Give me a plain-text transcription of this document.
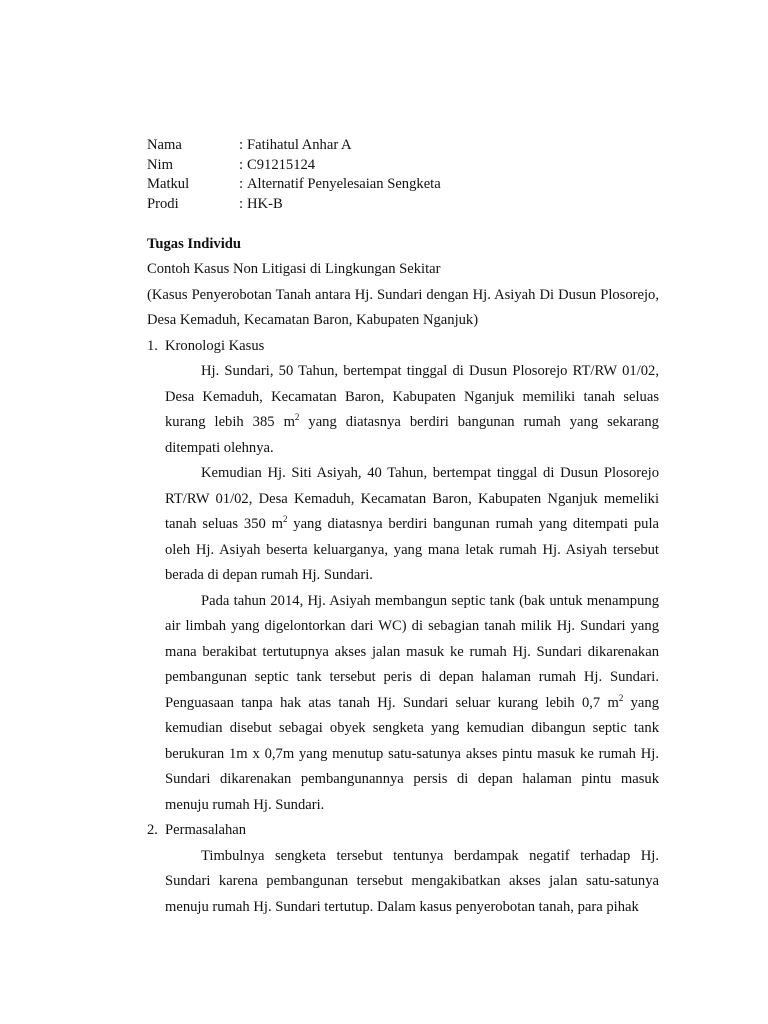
Nama	: Fatihatul Anhar A
Nim	: C91215124
Matkul	: Alternatif Penyelesaian Sengketa
Prodi	: HK-B
Tugas Individu
Contoh Kasus Non Litigasi di Lingkungan Sekitar
(Kasus Penyerobotan Tanah antara Hj. Sundari dengan Hj. Asiyah Di Dusun Plosorejo, Desa Kemaduh, Kecamatan Baron, Kabupaten Nganjuk)
1. Kronologi Kasus
Hj. Sundari, 50 Tahun, bertempat tinggal di Dusun Plosorejo RT/RW 01/02, Desa Kemaduh, Kecamatan Baron, Kabupaten Nganjuk memiliki tanah seluas kurang lebih 385 $m^2$ yang diatasnya berdiri bangunan rumah yang sekarang ditempati olehnya.
Kemudian Hj. Siti Asiyah, 40 Tahun, bertempat tinggal di Dusun Plosorejo RT/RW 01/02, Desa Kemaduh, Kecamatan Baron, Kabupaten Nganjuk memeliki tanah seluas 350 $m^2$ yang diatasnya berdiri bangunan rumah yang ditempati pula oleh Hj. Asiyah beserta keluarganya, yang mana letak rumah Hj. Asiyah tersebut berada di depan rumah Hj. Sundari.
Pada tahun 2014, Hj. Asiyah membangun septic tank (bak untuk menampung air limbah yang digelontorkan dari WC) di sebagian tanah milik Hj. Sundari yang mana berakibat tertutupnya akses jalan masuk ke rumah Hj. Sundari dikarenakan pembangunan septic tank tersebut peris di depan halaman rumah Hj. Sundari. Penguasaan tanpa hak atas tanah Hj. Sundari seluar kurang lebih 0,7 $m^2$ yang kemudian disebut sebagai obyek sengketa yang kemudian dibangun septic tank berukuran 1m x 0,7m yang menutup satu-satunya akses pintu masuk ke rumah Hj. Sundari dikarenakan pembangunannya persis di depan halaman pintu masuk menuju rumah Hj. Sundari.
2. Permasalahan
Timbulnya sengketa tersebut tentunya berdampak negatif terhadap Hj. Sundari karena pembangunan tersebut mengakibatkan akses jalan satu-satunya menuju rumah Hj. Sundari tertutup. Dalam kasus penyerobotan tanah, para pihak
